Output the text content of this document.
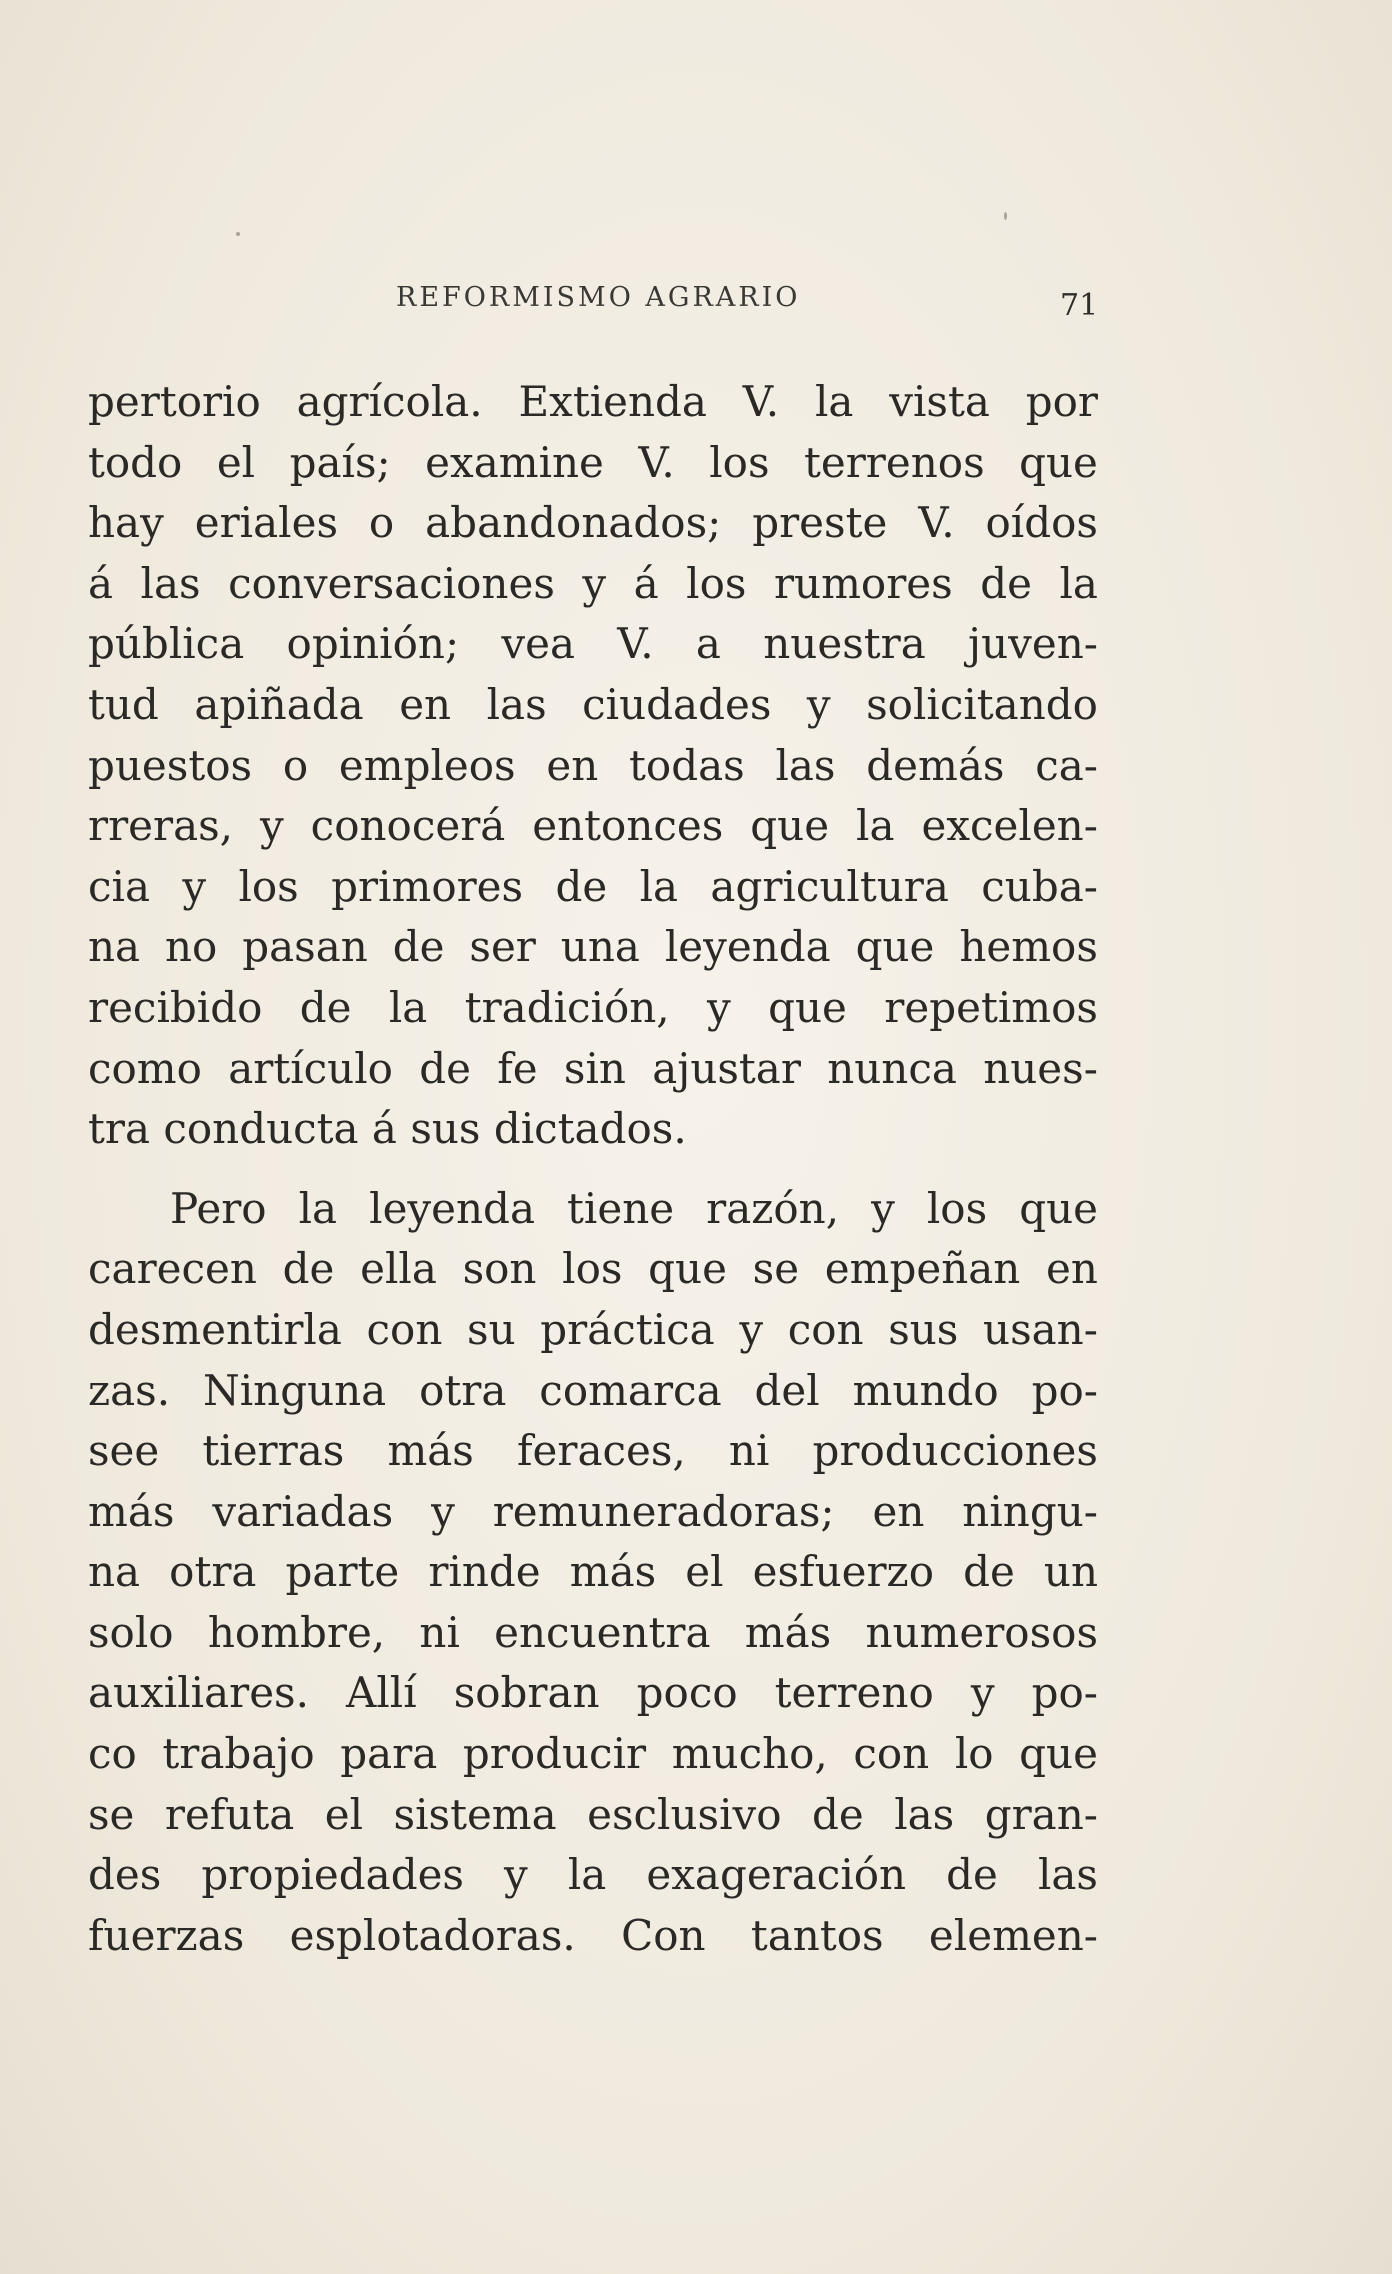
REFORMISMO AGRARIO	71
pertorio agrícola. Extienda V. la vista por
todo el país; examine V. los terrenos que
hay eriales o abandonados; preste V. oídos
á las conversaciones y á los rumores de la
pública opinión; vea V. a nuestra juven-
tud apiñada en las ciudades y solicitando
puestos o empleos en todas las demás ca-
rreras, y conocerá entonces que la excelen-
cia y los primores de la agricultura cuba-
na no pasan de ser una leyenda que hemos
recibido de la tradición, y que repetimos
como artículo de fe sin ajustar nunca nues-
tra conducta á sus dictados.
Pero la leyenda tiene razón, y los que
carecen de ella son los que se empeñan en
desmentirla con su práctica y con sus usan-
zas. Ninguna otra comarca del mundo po-
see tierras más feraces, ni producciones
más variadas y remuneradoras; en ningu-
na otra parte rinde más el esfuerzo de un
solo hombre, ni encuentra más numerosos
auxiliares. Allí sobran poco terreno y po-
co trabajo para producir mucho, con lo que
se refuta el sistema esclusivo de las gran-
des propiedades y la exageración de las
fuerzas esplotadoras. Con tantos elemen-
